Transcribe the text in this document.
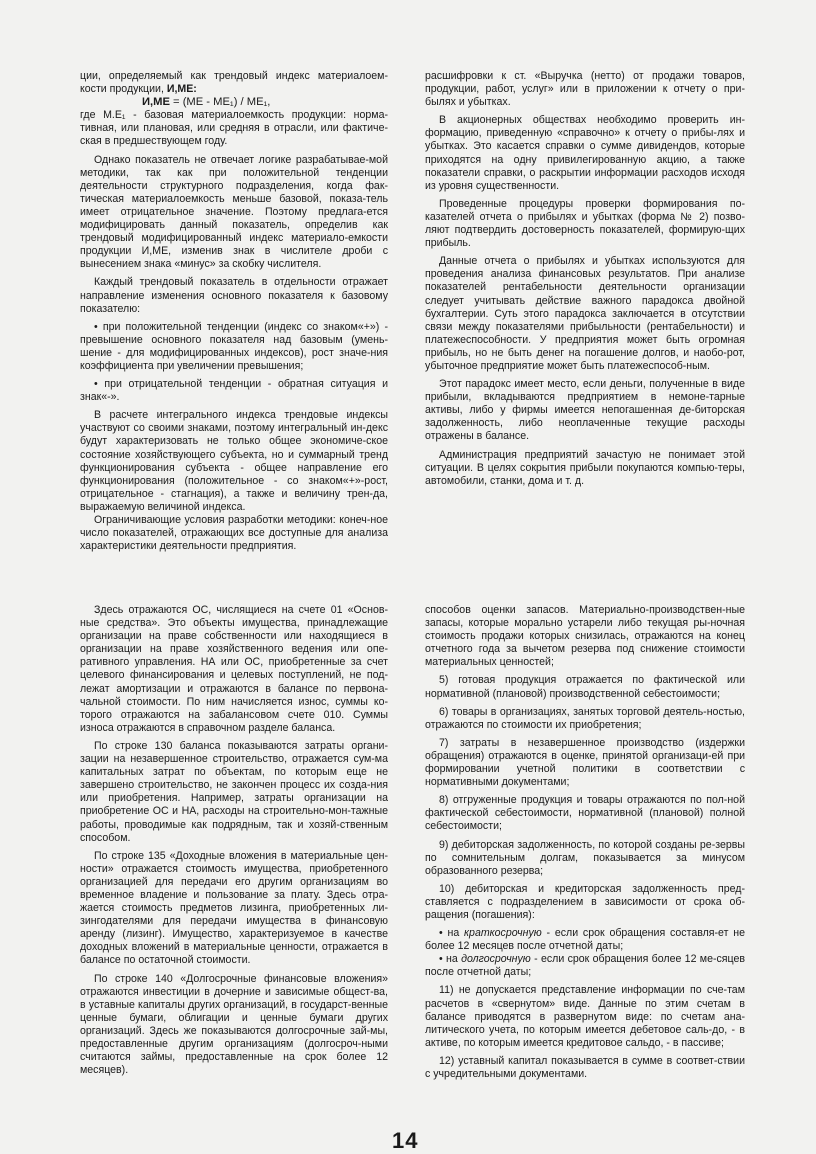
ции, определяемый как трендовый индекс материалоем-кости продукции, И,МЕ:

И,МЕ = (МЕ - МЕ₁) / МЕ₁,

где М.Е₁ - базовая материалоемкость продукции: норма-тивная, или плановая, или средняя в отрасли, или фактиче-ская в предшествующем году.

Однако показатель не отвечает логике разрабатывае-мой методики, так как при положительной тенденции деятельности структурного подразделения, когда фак-тическая материалоемкость меньше базовой, показа-тель имеет отрицательное значение. Поэтому предлага-ется модифицировать данный показатель, определив как трендовый модифицированный индекс материало-емкости продукции И,МЕ, изменив знак в числителе дроби с вынесением знака «минус» за скобку числителя.

Каждый трендовый показатель в отдельности отражает направление изменения основного показателя к базовому показателю:

• при положительной тенденции (индекс со знаком«+») - превышение основного показателя над базовым (умень-шение - для модифицированных индексов), рост значе-ния коэффициента при увеличении превышения;

• при отрицательной тенденции - обратная ситуация и знак«-».

В расчете интегрального индекса трендовые индексы участвуют со своими знаками, поэтому интегральный ин-декс будут характеризовать не только общее экономиче-ское состояние хозяйствующего субъекта, но и суммарный тренд функционирования субъекта - общее направление его функционирования (положительное - со знаком«+»-рост, отрицательное - стагнация), а также и величину трен-да, выражаемую величиной индекса.

Ограничивающие условия разработки методики: конеч-ное число показателей, отражающих все доступные для анализа характеристики деятельности предприятия.

расшифровки к ст. «Выручка (нетто) от продажи товаров, продукции, работ, услуг» или в приложении к отчету о при-былях и убытках.

В акционерных обществах необходимо проверить ин-формацию, приведенную «справочно» к отчету о прибы-лях и убытках. Это касается справки о сумме дивидендов, которые приходятся на одну привилегированную акцию, а также показатели справки, о раскрытии информации расходов исходя из уровня существенности.

Проведенные процедуры проверки формирования по-казателей отчета о прибылях и убытках (форма № 2) позво-ляют подтвердить достоверность показателей, формирую-щих прибыль.

Данные отчета о прибылях и убытках используются для проведения анализа финансовых результатов. При анализе показателей рентабельности деятельности организации следует учитывать действие важного парадокса двойной бухгалтерии. Суть этого парадокса заключается в отсутствии связи между показателями прибыльности (рентабельности) и платежеспособности. У предприятия может быть огромная прибыль, но не быть денег на погашение долгов, и наобо-рот, убыточное предприятие может быть платежеспособ-ным.

Этот парадокс имеет место, если деньги, полученные в виде прибыли, вкладываются предприятием в немоне-тарные активы, либо у фирмы имеется непогашенная де-биторская задолженность, либо неоплаченные текущие расходы отражены в балансе.

Администрация предприятий зачастую не понимает этой ситуации. В целях сокрытия прибыли покупаются компью-теры, автомобили, станки, дома и т. д.

Здесь отражаются ОС, числящиеся на счете 01 «Основ-ные средства». Это объекты имущества, принадлежащие организации на праве собственности или находящиеся в организации на праве хозяйственного ведения или опе-ративного управления. НА или ОС, приобретенные за счет целевого финансирования и целевых поступлений, не под-лежат амортизации и отражаются в балансе по первона-чальной стоимости. По ним начисляется износ, суммы ко-торого отражаются на забалансовом счете 010. Суммы износа отражаются в справочном разделе баланса.

По строке 130 баланса показываются затраты органи-зации на незавершенное строительство, отражается сум-ма капитальных затрат по объектам, по которым еще не завершено строительство, не закончен процесс их созда-ния или приобретения. Например, затраты организации на приобретение ОС и НА, расходы на строительно-мон-тажные работы, проводимые как подрядным, так и хозяй-ственным способом.

По строке 135 «Доходные вложения в материальные цен-ности» отражается стоимость имущества, приобретенного организацией для передачи его другим организациям во временное владение и пользование за плату. Здесь отра-жается стоимость предметов лизинга, приобретенных ли-зингодателями для передачи имущества в финансовую аренду (лизинг). Имущество, характеризуемое в качестве доходных вложений в материальные ценности, отражается в балансе по остаточной стоимости.

По строке 140 «Долгосрочные финансовые вложения» отражаются инвестиции в дочерние и зависимые общест-ва, в уставные капиталы других организаций, в государст-венные ценные бумаги, облигации и ценные бумаги других организаций. Здесь же показываются долгосрочные зай-мы, предоставленные другим организациям (долгосроч-ными считаются займы, предоставленные на срок более 12 месяцев).

способов оценки запасов. Материально-производствен-ные запасы, которые морально устарели либо текущая ры-ночная стоимость продажи которых снизилась, отражаются на конец отчетного года за вычетом резерва под снижение стоимости материальных ценностей;

5) готовая продукция отражается по фактической или нормативной (плановой) производственной себестоимости;

6) товары в организациях, занятых торговой деятель-ностью, отражаются по стоимости их приобретения;

7) затраты в незавершенное производство (издержки обращения) отражаются в оценке, принятой организаци-ей при формировании учетной политики в соответствии с нормативными документами;

8) отгруженные продукция и товары отражаются по пол-ной фактической себестоимости, нормативной (плановой) полной себестоимости;

9) дебиторская задолженность, по которой созданы ре-зервы по сомнительным долгам, показывается за минусом образованного резерва;

10) дебиторская и кредиторская задолженность пред-ставляется с подразделением в зависимости от срока об-ращения (погашения):

• на краткосрочную - если срок обращения составля-ет не более 12 месяцев после отчетной даты;

• на долгосрочную - если срок обращения более 12 ме-сяцев после отчетной даты;

11) не допускается представление информации по сче-там расчетов в «свернутом» виде. Данные по этим счетам в балансе приводятся в развернутом виде: по счетам ана-литического учета, по которым имеется дебетовое саль-до, - в активе, по которым имеется кредитовое сальдо, - в пассиве;

12) уставный капитал показывается в сумме в соответ-ствии с учредительными документами.

14
